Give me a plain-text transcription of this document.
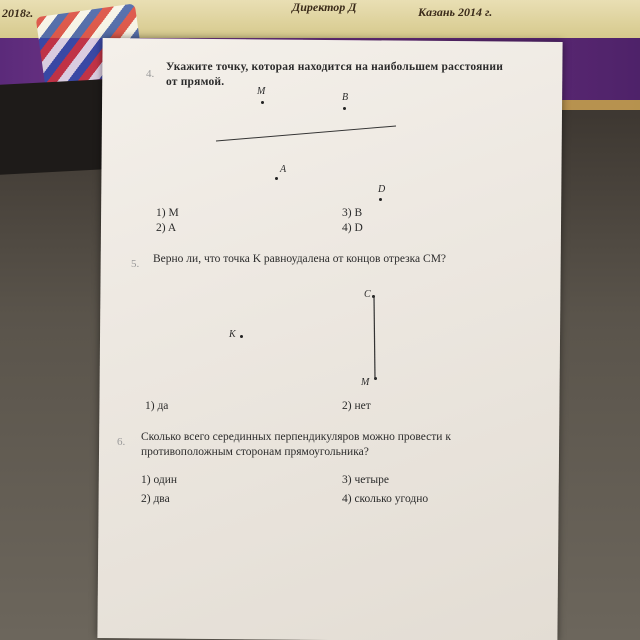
2018г.	Директор Д	Казань 2014 г.
4.
Укажите точку, которая находится на наибольшем расстоянии от прямой.
M
B
A
D
1) M
2) A
3) B
4) D
5. Верно ли, что точка K равноудалена от концов отрезка CM?
C
K
M
1) да	2) нет
6. Сколько всего серединных перпендикуляров можно провести к противоположным сторонам прямоугольника?
1) один
2) два
3) четыре
4) сколько угодно
